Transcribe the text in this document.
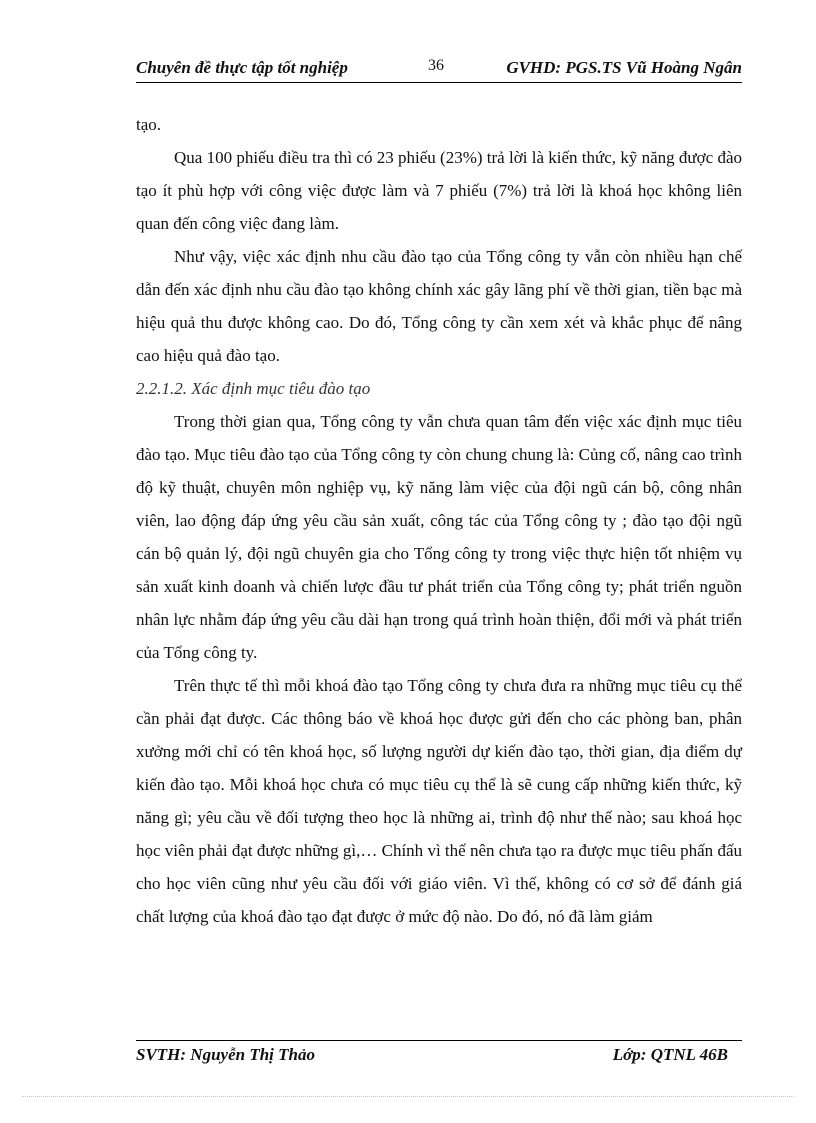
Chuyên đề thực tập tốt nghiệp	36	GVHD: PGS.TS Vũ Hoàng Ngân

tạo.

Qua 100 phiếu điều tra thì có 23 phiếu (23%) trả lời là kiến thức, kỹ năng được đào tạo ít phù hợp với công việc được làm và 7 phiếu (7%) trả lời là khoá học không liên quan đến công việc đang làm.

Như vậy, việc xác định nhu cầu đào tạo của Tổng công ty vẫn còn nhiều hạn chế dẫn đến xác định nhu cầu đào tạo không chính xác gây lãng phí về thời gian, tiền bạc mà hiệu quả thu được không cao. Do đó, Tổng công ty cần xem xét và khắc phục để nâng cao hiệu quả đào tạo.

2.2.1.2. Xác định mục tiêu đào tạo

Trong thời gian qua, Tổng công ty vẫn chưa quan tâm đến việc xác định mục tiêu đào tạo. Mục tiêu đào tạo của Tổng công ty còn chung chung là: Củng cố, nâng cao trình độ kỹ thuật, chuyên môn nghiệp vụ, kỹ năng làm việc của đội ngũ cán bộ, công nhân viên, lao động đáp ứng yêu cầu sản xuất, công tác của Tổng công ty ; đào tạo đội ngũ cán bộ quản lý, đội ngũ chuyên gia cho Tổng công ty trong việc thực hiện tốt nhiệm vụ sản xuất kinh doanh và chiến lược đầu tư phát triển của Tổng công ty; phát triển nguồn nhân lực nhằm đáp ứng yêu cầu dài hạn trong quá trình hoàn thiện, đổi mới và phát triển của Tổng công ty.

Trên thực tế thì mỗi khoá đào tạo Tổng công ty chưa đưa ra những mục tiêu cụ thể cần phải đạt được. Các thông báo về khoá học được gửi đến cho các phòng ban, phân xưởng mới chỉ có tên khoá học, số lượng người dự kiến đào tạo, thời gian, địa điểm dự kiến đào tạo. Mỗi khoá học chưa có mục tiêu cụ thể là sẽ cung cấp những kiến thức, kỹ năng gì; yêu cầu về đối tượng theo học là những ai, trình độ như thế nào; sau khoá học học viên phải đạt được những gì,… Chính vì thế nên chưa tạo ra được mục tiêu phấn đấu cho học viên cũng như yêu cầu đối với giáo viên. Vì thế, không có cơ sở để đánh giá chất lượng của khoá đào tạo đạt được ở mức độ nào. Do đó, nó đã làm giảm

SVTH: Nguyễn Thị Thảo	Lớp: QTNL 46B
